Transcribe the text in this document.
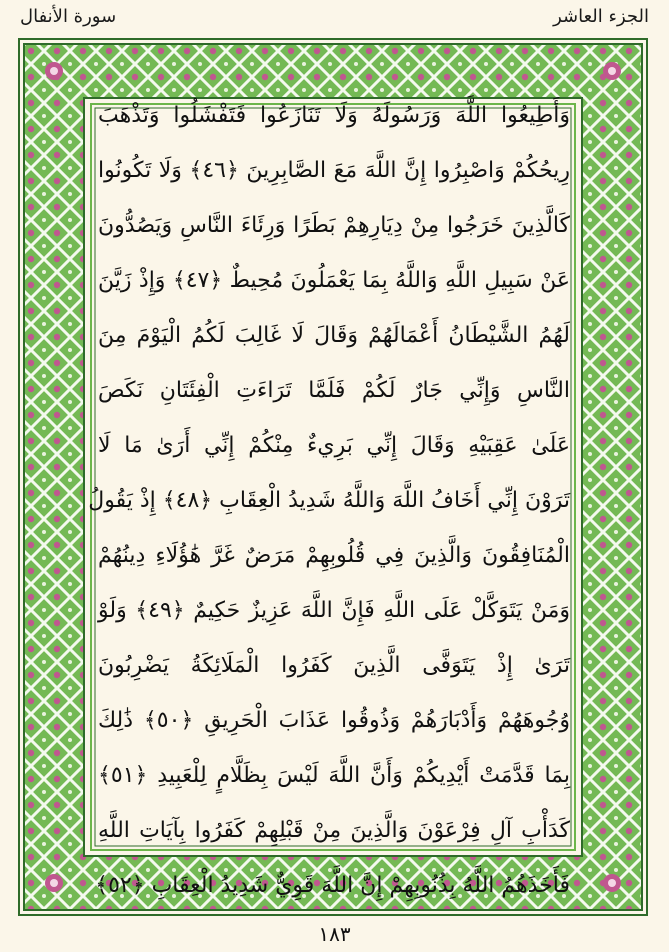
سورة الأنفال	الجزء العاشر

وَأَطِيعُوا اللَّهَ وَرَسُولَهُ وَلَا تَنَازَعُوا فَتَفْشَلُوا وَتَذْهَبَ

رِيحُكُمْ وَاصْبِرُوا إِنَّ اللَّهَ مَعَ الصَّابِرِينَ ﴿٤٦﴾ وَلَا تَكُونُوا

كَالَّذِينَ خَرَجُوا مِنْ دِيَارِهِمْ بَطَرًا وَرِئَاءَ النَّاسِ وَيَصُدُّونَ

عَنْ سَبِيلِ اللَّهِ وَاللَّهُ بِمَا يَعْمَلُونَ مُحِيطٌ ﴿٤٧﴾ وَإِذْ زَيَّنَ

لَهُمُ الشَّيْطَانُ أَعْمَالَهُمْ وَقَالَ لَا غَالِبَ لَكُمُ الْيَوْمَ مِنَ

النَّاسِ وَإِنِّي جَارٌ لَكُمْ فَلَمَّا تَرَاءَتِ الْفِئَتَانِ نَكَصَ

عَلَىٰ عَقِبَيْهِ وَقَالَ إِنِّي بَرِيءٌ مِنْكُمْ إِنِّي أَرَىٰ مَا لَا

تَرَوْنَ إِنِّي أَخَافُ اللَّهَ وَاللَّهُ شَدِيدُ الْعِقَابِ ﴿٤٨﴾ إِذْ يَقُولُ

الْمُنَافِقُونَ وَالَّذِينَ فِي قُلُوبِهِمْ مَرَضٌ غَرَّ هَٰؤُلَاءِ دِينُهُمْ

وَمَنْ يَتَوَكَّلْ عَلَى اللَّهِ فَإِنَّ اللَّهَ عَزِيزٌ حَكِيمٌ ﴿٤٩﴾ وَلَوْ

تَرَىٰ إِذْ يَتَوَفَّى الَّذِينَ كَفَرُوا الْمَلَائِكَةُ يَضْرِبُونَ

وُجُوهَهُمْ وَأَدْبَارَهُمْ وَذُوقُوا عَذَابَ الْحَرِيقِ ﴿٥٠﴾ ذَٰلِكَ

بِمَا قَدَّمَتْ أَيْدِيكُمْ وَأَنَّ اللَّهَ لَيْسَ بِظَلَّامٍ لِلْعَبِيدِ ﴿٥١﴾

كَدَأْبِ آلِ فِرْعَوْنَ وَالَّذِينَ مِنْ قَبْلِهِمْ كَفَرُوا بِآيَاتِ اللَّهِ

فَأَخَذَهُمُ اللَّهُ بِذُنُوبِهِمْ إِنَّ اللَّهَ قَوِيٌّ شَدِيدُ الْعِقَابِ ﴿٥٢﴾

١٨٣
